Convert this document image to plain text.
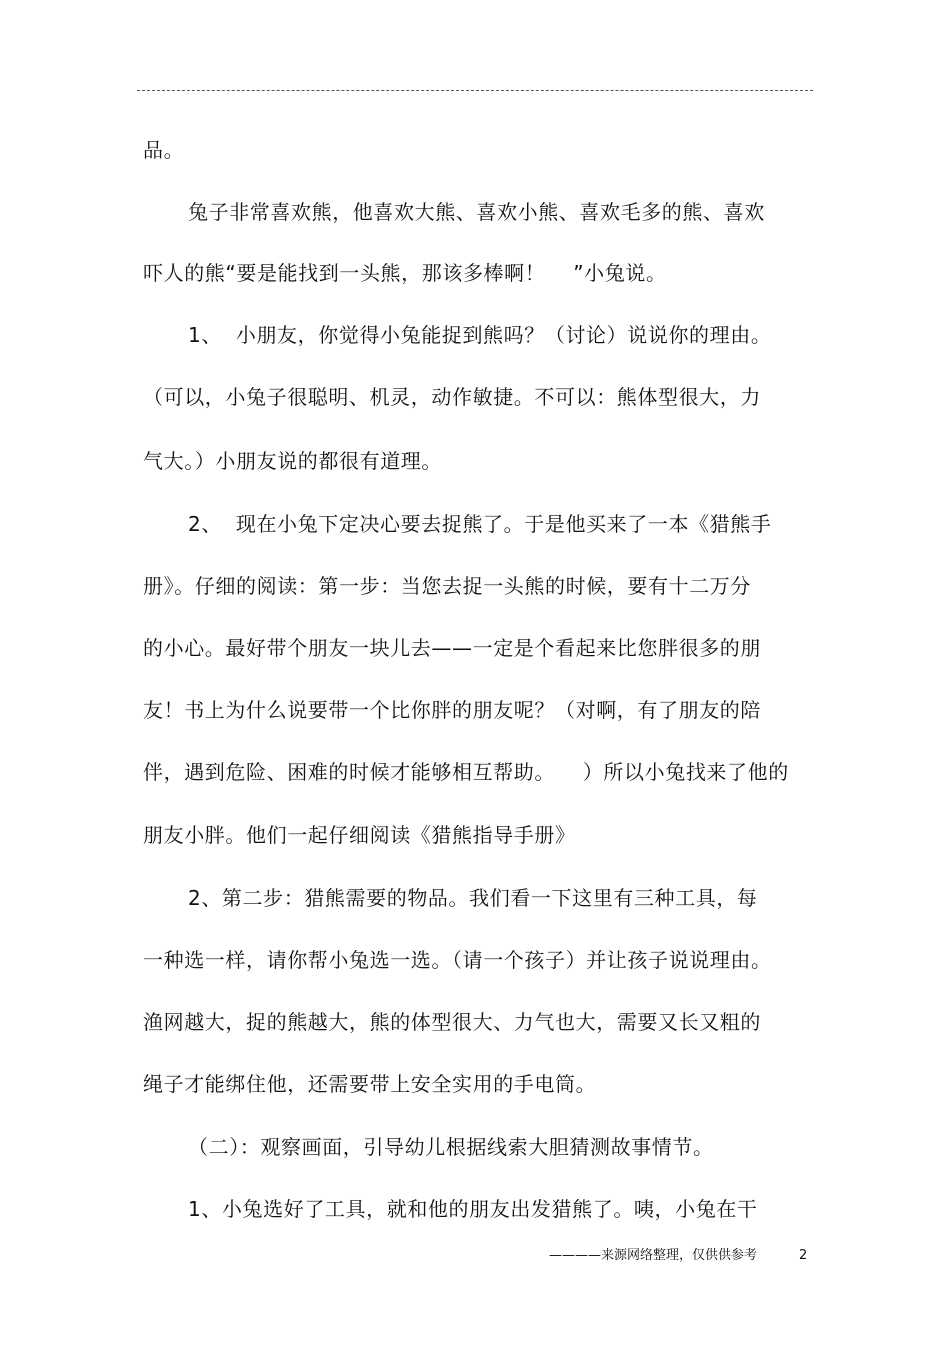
品。
兔子非常喜欢熊，他喜欢大熊、喜欢小熊、喜欢毛多的熊、喜欢
吓人的熊“要是能找到一头熊，那该多棒啊！    ”小兔说。
1、  小朋友，你觉得小兔能捉到熊吗？（讨论）说说你的理由。
（可以，小兔子很聪明、机灵，动作敏捷。不可以：熊体型很大，力
气大。）小朋友说的都很有道理。
2、  现在小兔下定决心要去捉熊了。于是他买来了一本《猎熊手
册》。仔细的阅读：第一步：当您去捉一头熊的时候，要有十二万分
的小心。最好带个朋友一块儿去——一定是个看起来比您胖很多的朋
友！书上为什么说要带一个比你胖的朋友呢？（对啊，有了朋友的陪
伴，遇到危险、困难的时候才能够相互帮助。    ）所以小兔找来了他的
朋友小胖。他们一起仔细阅读《猎熊指导手册》
2、第二步：猎熊需要的物品。我们看一下这里有三种工具，每
一种选一样，请你帮小兔选一选。（请一个孩子）并让孩子说说理由。
渔网越大，捉的熊越大，熊的体型很大、力气也大，需要又长又粗的
绳子才能绑住他，还需要带上安全实用的手电筒。
（二）：观察画面，引导幼儿根据线索大胆猜测故事情节。
1、小兔选好了工具，就和他的朋友出发猎熊了。咦，小兔在干
————来源网络整理，仅供供参考	2
